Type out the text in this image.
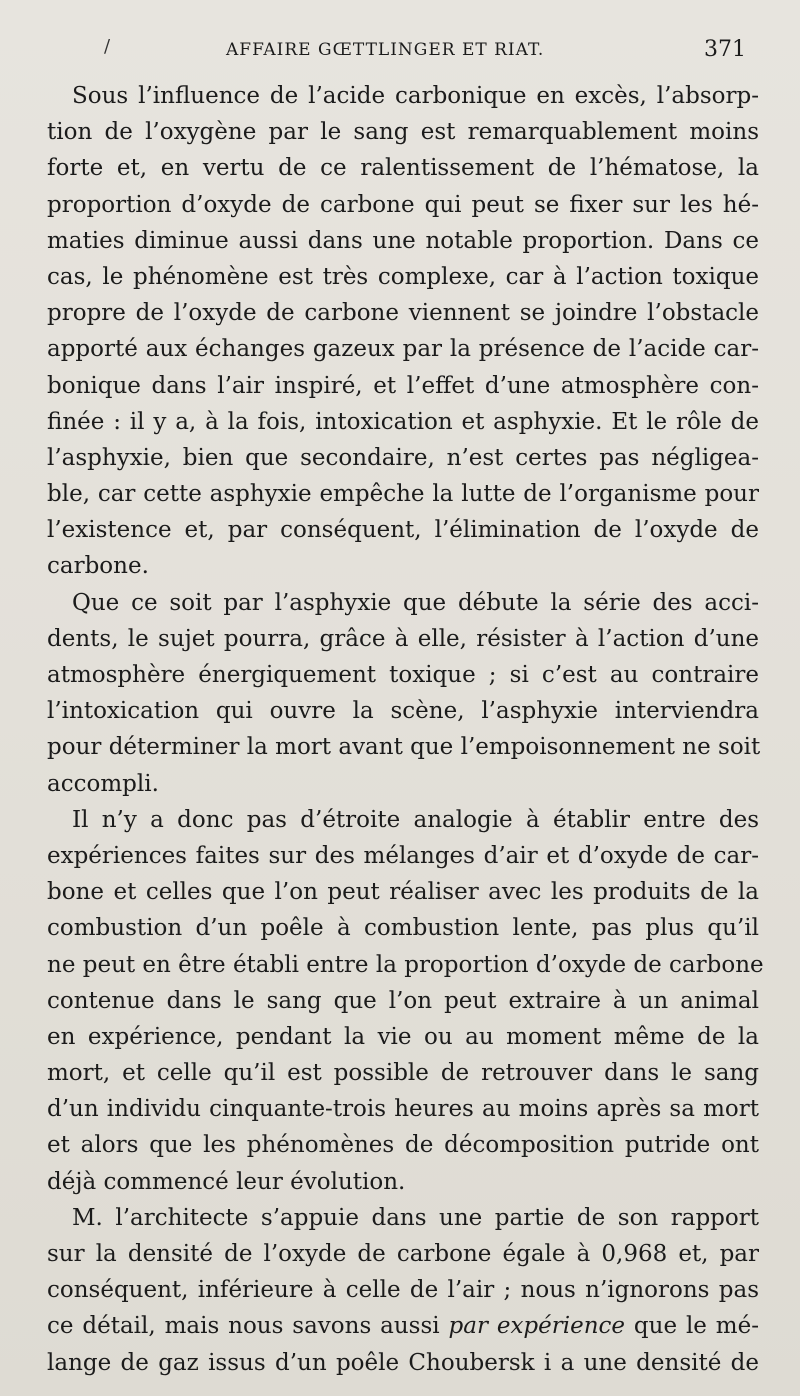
/	AFFAIRE GŒTTLINGER ET RIAT.	371

Sous l’influence de l’acide carbonique en excès, l’absorp-
tion de l’oxygène par le sang est remarquablement moins
forte et, en vertu de ce ralentissement de l’hématose, la
proportion d’oxyde de carbone qui peut se fixer sur les hé-
maties diminue aussi dans une notable proportion. Dans ce
cas, le phénomène est très complexe, car à l’action toxique
propre de l’oxyde de carbone viennent se joindre l’obstacle
apporté aux échanges gazeux par la présence de l’acide car-
bonique dans l’air inspiré, et l’effet d’une atmosphère con-
finée : il y a, à la fois, intoxication et asphyxie. Et le rôle de
l’asphyxie, bien que secondaire, n’est certes pas négligea-
ble, car cette asphyxie empêche la lutte de l’organisme pour
l’existence et, par conséquent, l’élimination de l’oxyde de
carbone.

Que ce soit par l’asphyxie que débute la série des acci-
dents, le sujet pourra, grâce à elle, résister à l’action d’une
atmosphère énergiquement toxique ; si c’est au contraire
l’intoxication qui ouvre la scène, l’asphyxie interviendra
pour déterminer la mort avant que l’empoisonnement ne soit
accompli.

Il n’y a donc pas d’étroite analogie à établir entre des
expériences faites sur des mélanges d’air et d’oxyde de car-
bone et celles que l’on peut réaliser avec les produits de la
combustion d’un poêle à combustion lente, pas plus qu’il
ne peut en être établi entre la proportion d’oxyde de carbone
contenue dans le sang que l’on peut extraire à un animal
en expérience, pendant la vie ou au moment même de la
mort, et celle qu’il est possible de retrouver dans le sang
d’un individu cinquante-trois heures au moins après sa mort
et alors que les phénomènes de décomposition putride ont
déjà commencé leur évolution.

M. l’architecte s’appuie dans une partie de son rapport
sur la densité de l’oxyde de carbone égale à 0,968 et, par
conséquent, inférieure à celle de l’air ; nous n’ignorons pas
ce détail, mais nous savons aussi par expérience que le mé-
lange de gaz issus d’un poêle Choubersk i a une densité de
